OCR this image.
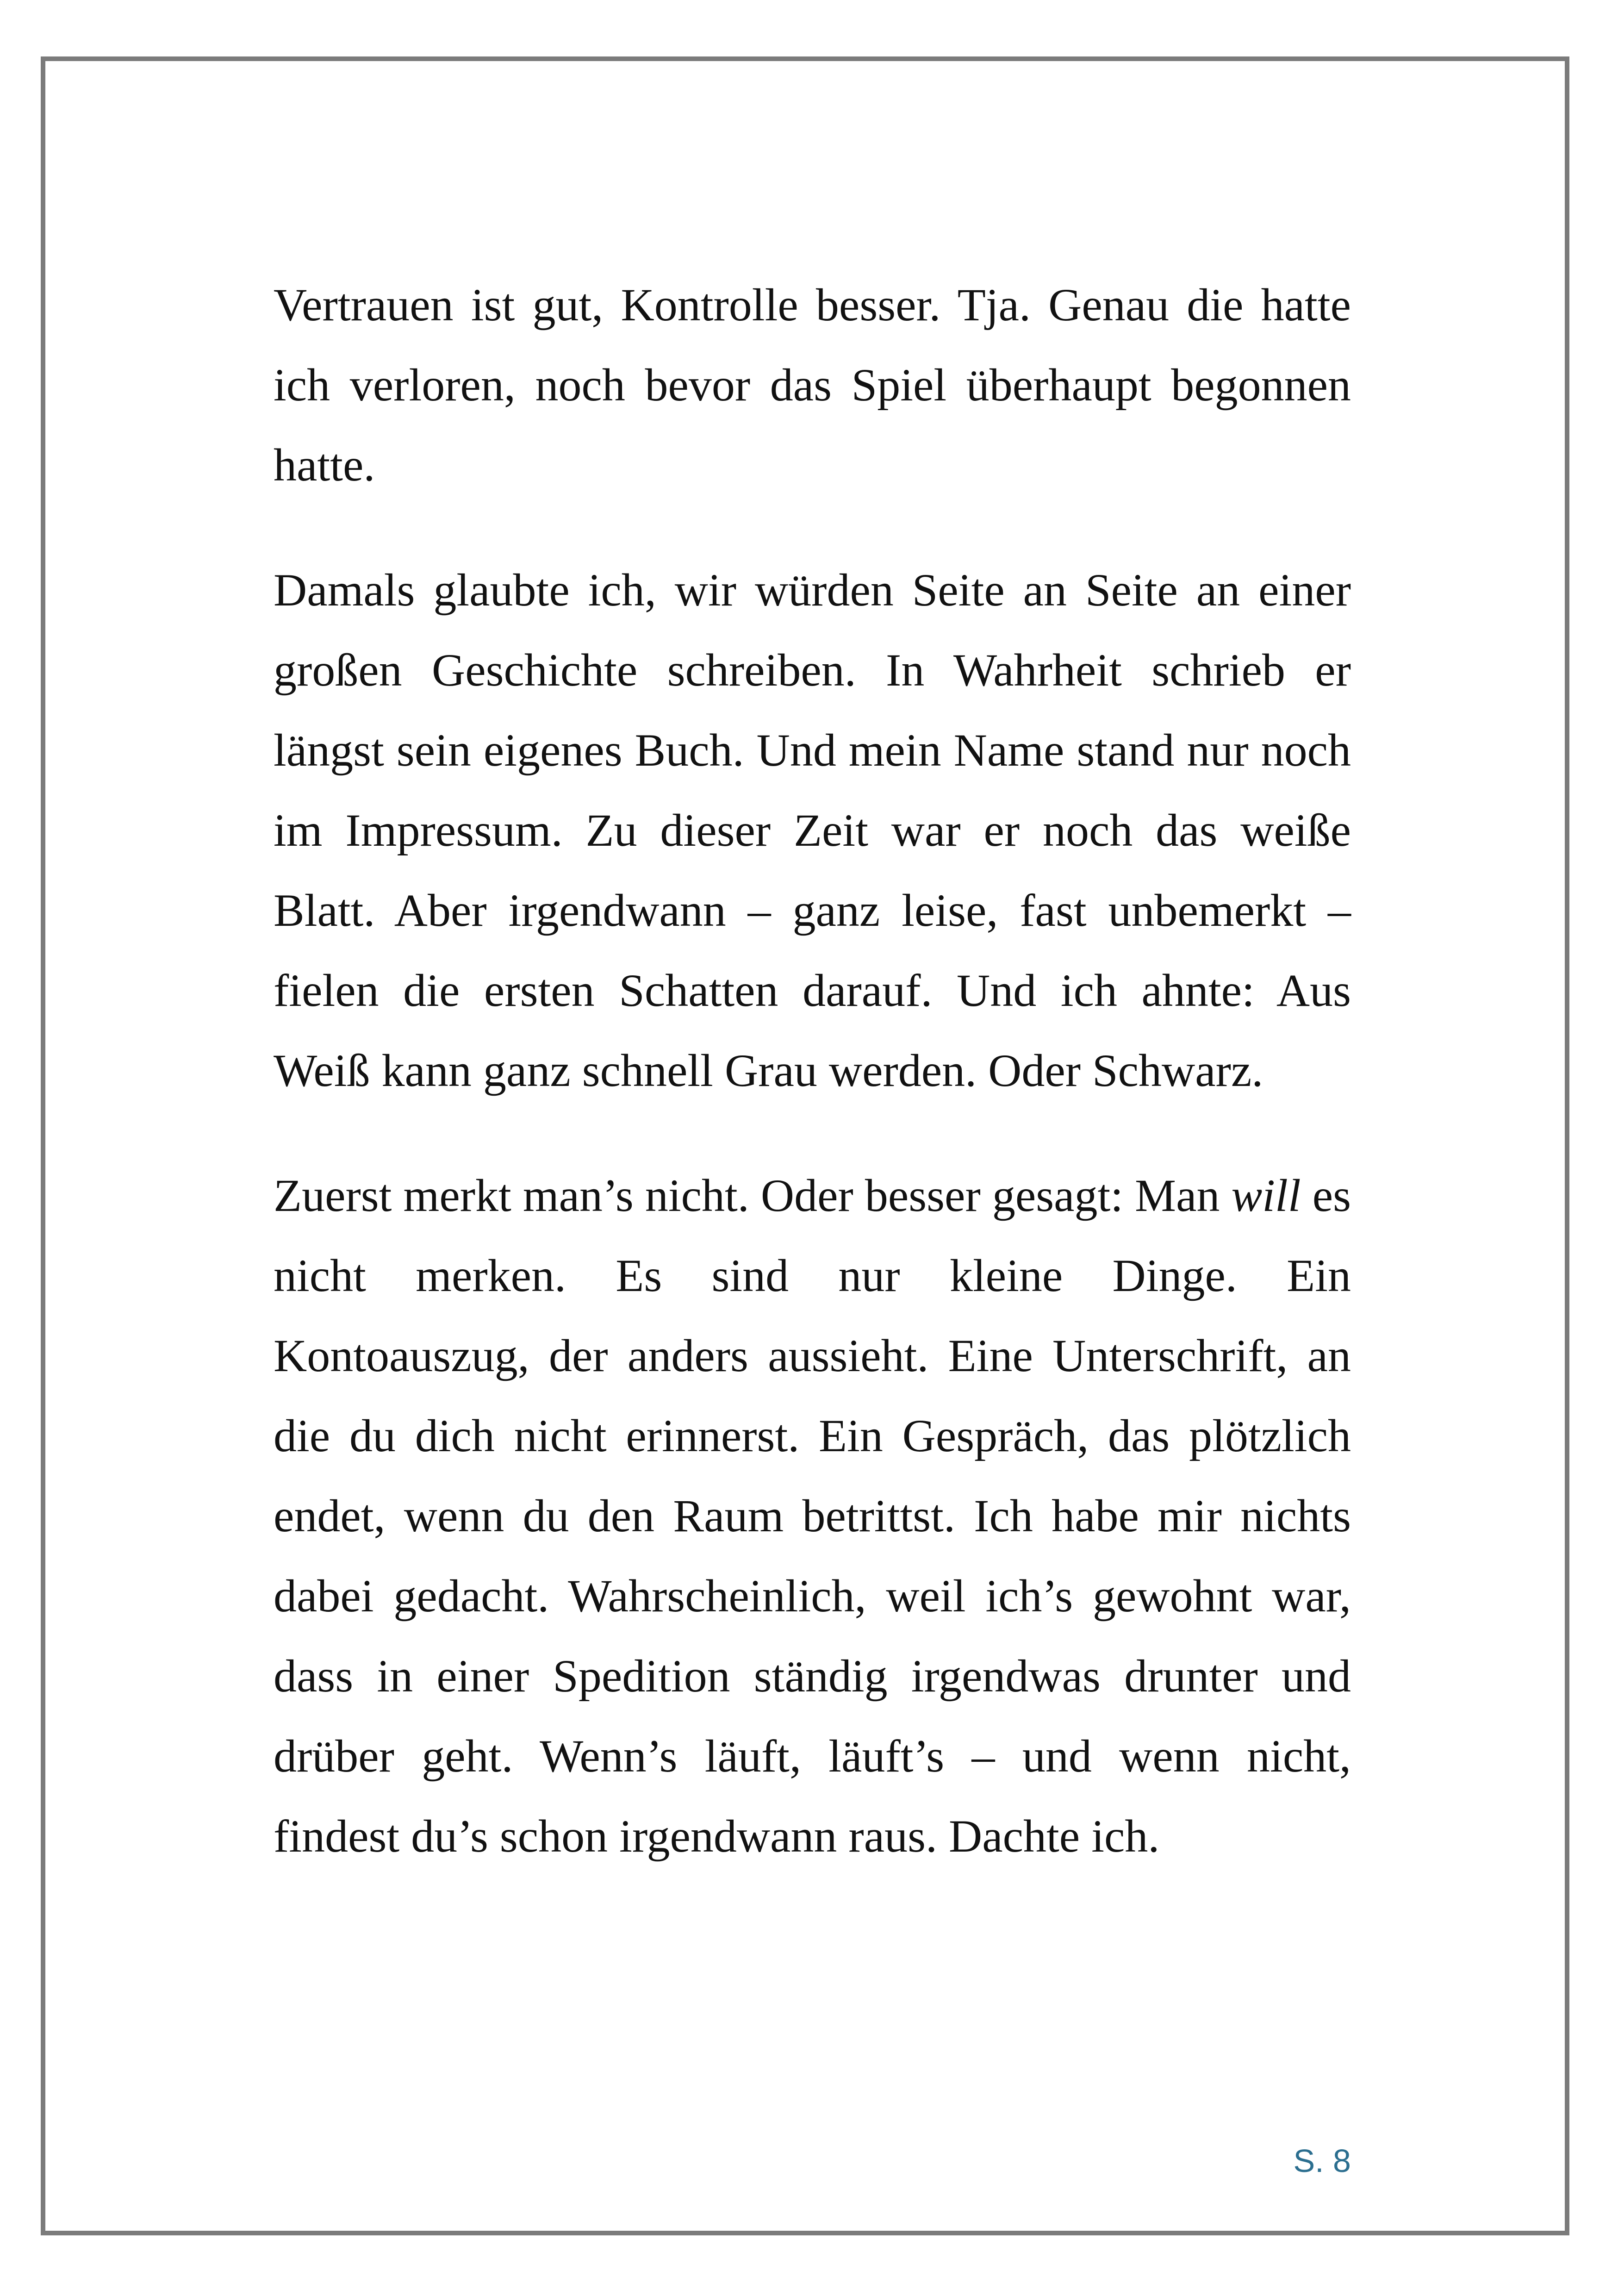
Vertrauen ist gut, Kontrolle besser. Tja. Genau die hatte ich verloren, noch bevor das Spiel überhaupt begonnen hatte.

Damals glaubte ich, wir würden Seite an Seite an einer großen Geschichte schreiben. In Wahrheit schrieb er längst sein eigenes Buch. Und mein Name stand nur noch im Impressum. Zu dieser Zeit war er noch das weiße Blatt. Aber irgendwann – ganz leise, fast unbemerkt – fielen die ersten Schatten darauf. Und ich ahnte: Aus Weiß kann ganz schnell Grau werden. Oder Schwarz.

Zuerst merkt man’s nicht. Oder besser gesagt: Man will es nicht merken. Es sind nur kleine Dinge. Ein Kontoauszug, der anders aussieht. Eine Unterschrift, an die du dich nicht erinnerst. Ein Gespräch, das plötzlich endet, wenn du den Raum betrittst. Ich habe mir nichts dabei gedacht. Wahrscheinlich, weil ich’s gewohnt war, dass in einer Spedition ständig irgendwas drunter und drüber geht. Wenn’s läuft, läuft’s – und wenn nicht, findest du’s schon irgendwann raus. Dachte ich.

S. 8
